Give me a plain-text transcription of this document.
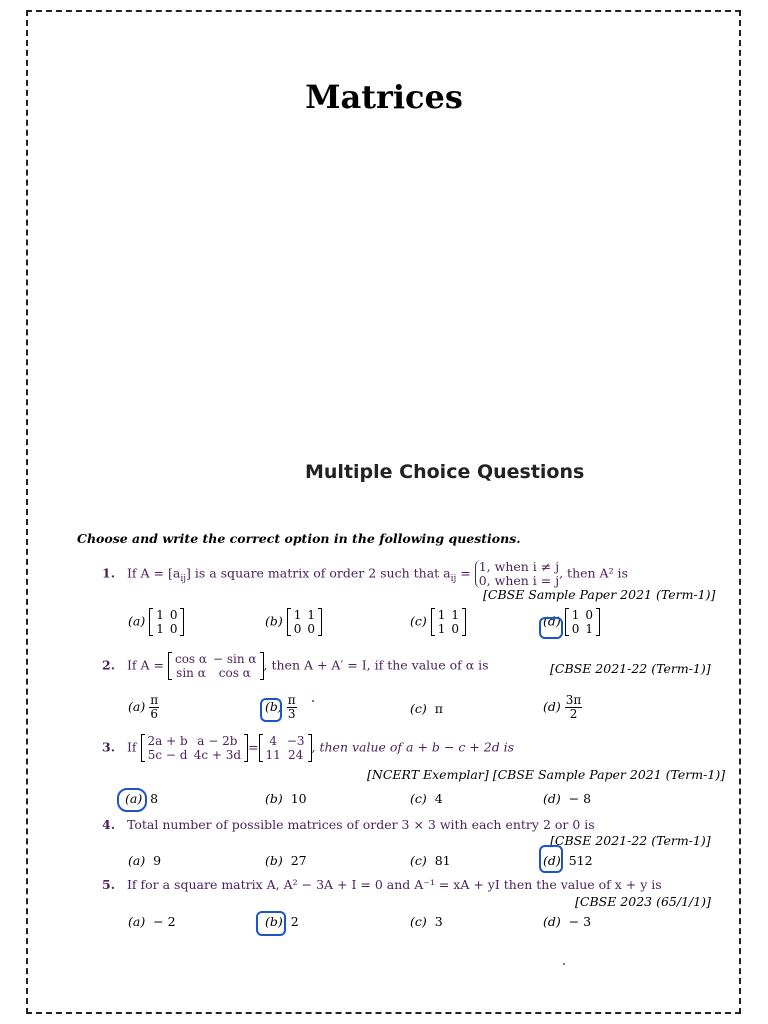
Matrices
Multiple Choice Questions
Choose and write the correct option in the following questions.
1. If $A = [a_{ij}]$ is a square matrix of order 2 such that $a_{ij} = 1$, when i ≠ j
0, when i = j, then A² is
[CBSE Sample Paper 2021 (Term-1)]
(a) 1	0
1	0
(b) 1	1
0	0
(c) 1	1
1	0
(d) 1	0
0	1
2. If A = cos α	− sin α
sin α	cos α
, then A + A′ = I, if the value of α is	[CBSE 2021-22 (Term-1)]
$(a) \frac{\pi}{6}$	$(b) \frac{\pi}{3}$	(c) π	$(d) \frac{3\pi}{2}$
3. If 2a + b	a − 2b
5c − d	4c + 3d
= 4	−3
11	24
, then value of a + b − c + 2d is
[NCERT Exemplar] [CBSE Sample Paper 2021 (Term-1)]
(a) 8	(b) 10	(c) 4	(d) − 8
4. Total number of possible matrices of order 3 × 3 with each entry 2 or 0 is
[CBSE 2021-22 (Term-1)]
(a) 9	(b) 27	(c) 81	(d) 512
5. If for a square matrix A, A² − 3A + I = 0 and A⁻¹ = xA + yI then the value of x + y is
[CBSE 2023 (65/1/1)]
(a) − 2	(b) 2	(c) 3	(d) − 3
